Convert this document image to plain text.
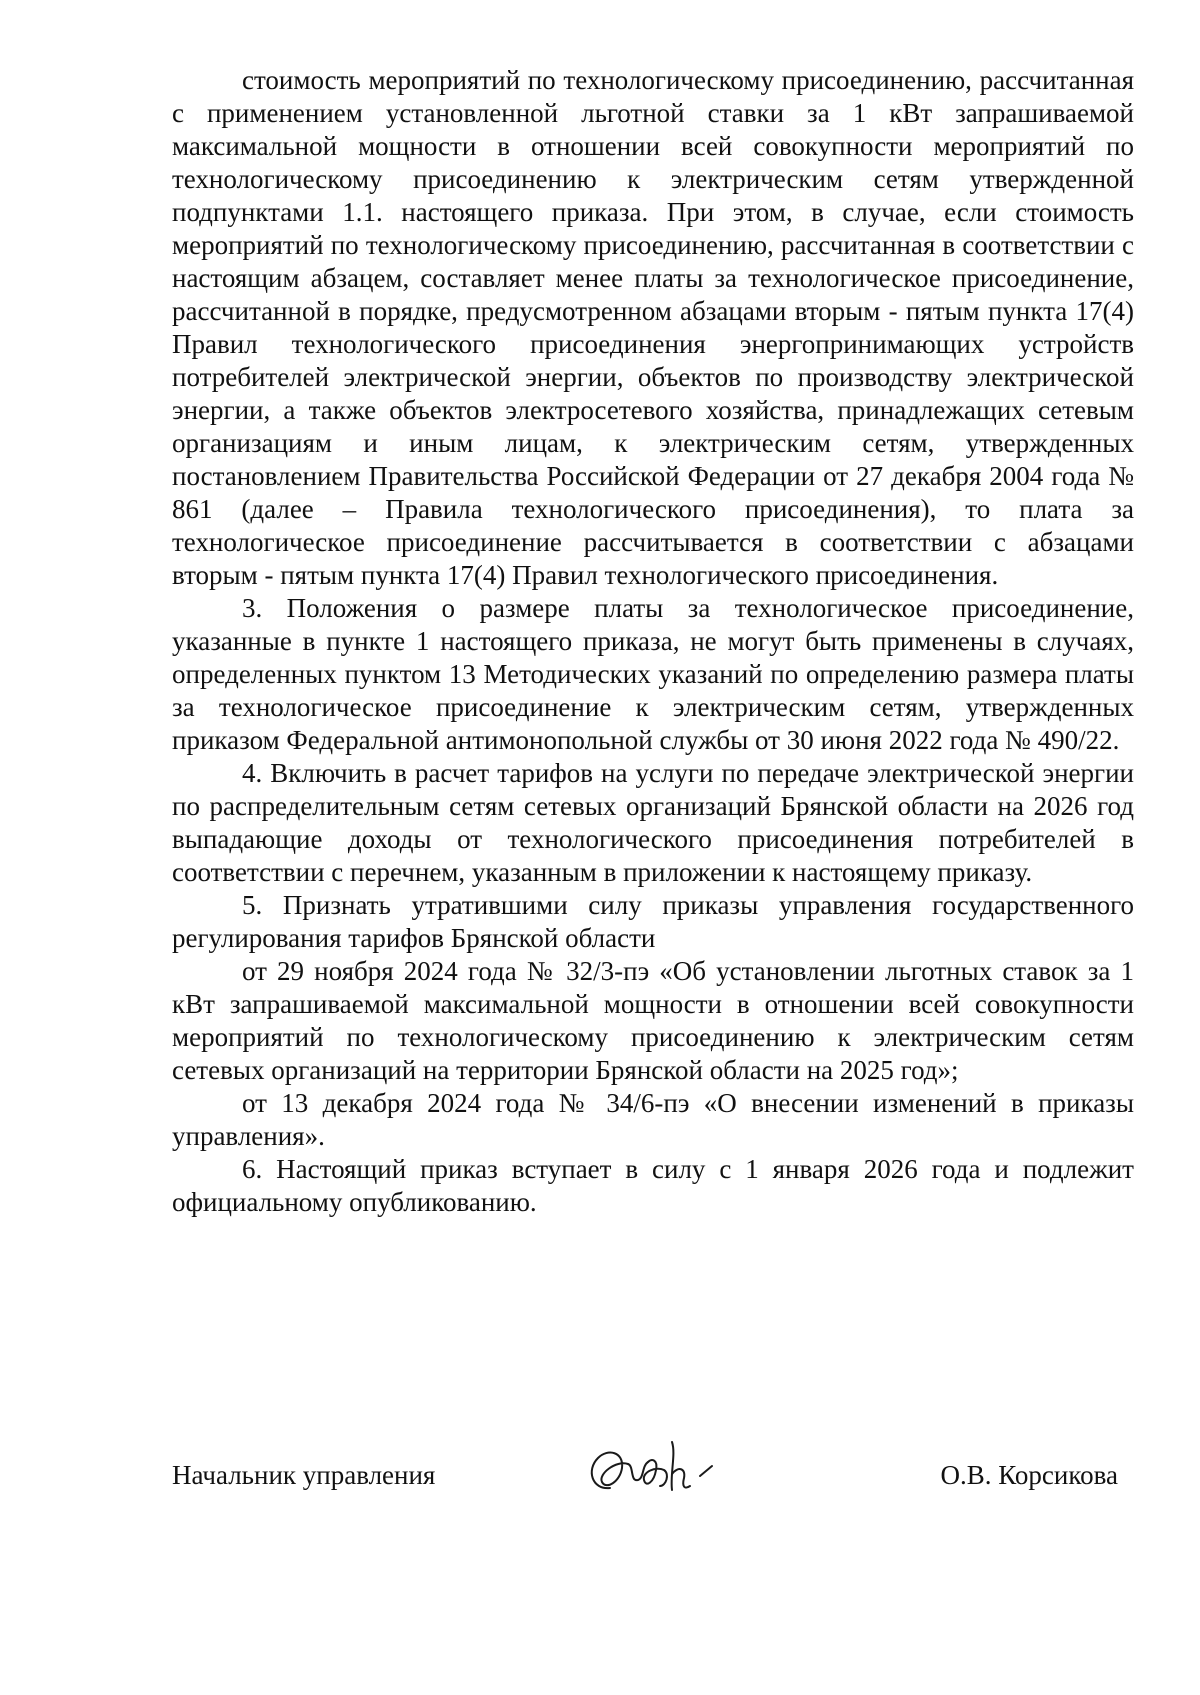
стоимость мероприятий по технологическому присоединению, рассчитанная с применением установленной льготной ставки за 1 кВт запрашиваемой максимальной мощности в отношении всей совокупности мероприятий по технологическому присоединению к электрическим сетям утвержденной подпунктами 1.1. настоящего приказа. При этом, в случае, если стоимость мероприятий по технологическому присоединению, рассчитанная в соответствии с настоящим абзацем, составляет менее платы за технологическое присоединение, рассчитанной в порядке, предусмотренном абзацами вторым - пятым пункта 17(4) Правил технологического присоединения энергопринимающих устройств потребителей электрической энергии, объектов по производству электрической энергии, а также объектов электросетевого хозяйства, принадлежащих сетевым организациям и иным лицам, к электрическим сетям, утвержденных постановлением Правительства Российской Федерации от 27 декабря 2004 года № 861 (далее – Правила технологического присоединения), то плата за технологическое присоединение рассчитывается в соответствии с абзацами вторым - пятым пункта 17(4) Правил технологического присоединения.

3. Положения о размере платы за технологическое присоединение, указанные в пункте 1 настоящего приказа, не могут быть применены в случаях, определенных пунктом 13 Методических указаний по определению размера платы за технологическое присоединение к электрическим сетям, утвержденных приказом Федеральной антимонопольной службы от 30 июня 2022 года № 490/22.

4. Включить в расчет тарифов на услуги по передаче электрической энергии по распределительным сетям сетевых организаций Брянской области на 2026 год выпадающие доходы от технологического присоединения потребителей в соответствии с перечнем, указанным в приложении к настоящему приказу.

5. Признать утратившими силу приказы управления государственного регулирования тарифов Брянской области

от 29 ноября 2024 года № 32/3-пэ «Об установлении льготных ставок за 1 кВт запрашиваемой максимальной мощности в отношении всей совокупности мероприятий по технологическому присоединению к электрическим сетям сетевых организаций на территории Брянской области на 2025 год»;

от 13 декабря 2024 года № 34/6-пэ «О внесении изменений в приказы управления».

6. Настоящий приказ вступает в силу с 1 января 2026 года и подлежит официальному опубликованию.

Начальник управления	О.В. Корсикова
